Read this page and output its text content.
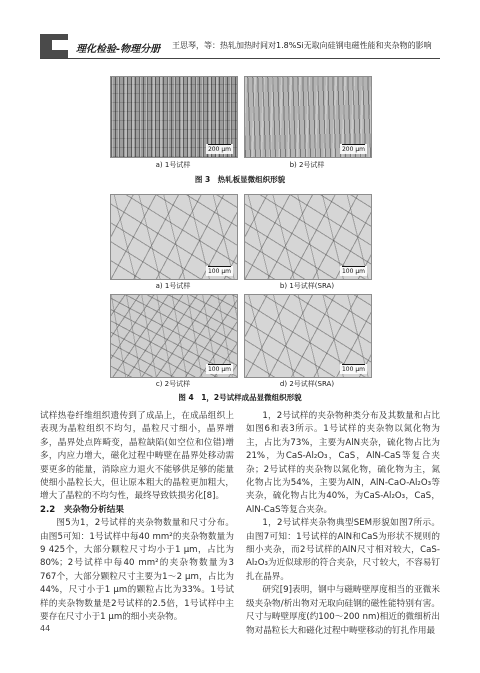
理化检验-物理分册 王思琴，等：热轧加热时间对1.8%Si无取向硅钢电磁性能和夹杂物的影响
200 μm	200 μm
a) 1号试样	b) 2号试样
图 3　热轧板显微组织形貌
100 μm	100 μm
a) 1号试样	b) 1号试样(SRA)
100 μm	100 μm
c) 2号试样	d) 2号试样(SRA)
图 4　1，2号试样成品显微组织形貌

试样热卷纤维组织遗传到了成品上，在成品组织上表现为晶粒组织不均匀，晶粒尺寸细小，晶界增多，晶界处点阵畸变，晶粒缺陷(如空位和位错)增多，内应力增大，磁化过程中畴壁在晶界处移动需要更多的能量，消除应力退火不能够供足够的能量使细小晶粒长大，但让原本粗大的晶粒更加粗大，增大了晶粒的不均匀性，最终导致铁损劣化[8]。

2.2　夹杂物分析结果

图5为1，2号试样的夹杂物数量和尺寸分布。由图5可知：1号试样中每40 mm²的夹杂物数量为9 425个，大部分颗粒尺寸均小于1 μm，占比为80%；2号试样中每40 mm²的夹杂物数量为3 767个，大部分颗粒尺寸主要为1～2 μm，占比为44%，尺寸小于1 μm的颗粒占比为33%。1号试样的夹杂物数量是2号试样的2.5倍，1号试样中主要存在尺寸小于1 μm的细小夹杂物。

1，2号试样的夹杂物种类分布及其数量和占比如图6和表3所示。1号试样的夹杂物以氮化物为主，占比为73%，主要为AlN夹杂，硫化物占比为21%，为CaS-Al₂O₃，CaS，AlN-CaS等复合夹杂；2号试样的夹杂物以氮化物，硫化物为主，氮化物占比为54%，主要为AlN，AlN-CaO-Al₂O₃等夹杂，硫化物占比为40%，为CaS-Al₂O₃，CaS，AlN-CaS等复合夹杂。

1，2号试样夹杂物典型SEM形貌如图7所示。由图7可知：1号试样的AlN和CaS为形状不规则的细小夹杂，而2号试样的AlN尺寸相对较大，CaS-Al₂O₃为近似球形的符合夹杂，尺寸较大，不容易钉扎在晶界。

研究[9]表明，钢中与磁畴壁厚度相当的亚微米级夹杂物/析出物对无取向硅钢的磁性能特别有害。尺寸与畴壁厚度(约100～200 nm)相近的微细析出物对晶粒长大和磁化过程中畴壁移动的钉扎作用最

44
